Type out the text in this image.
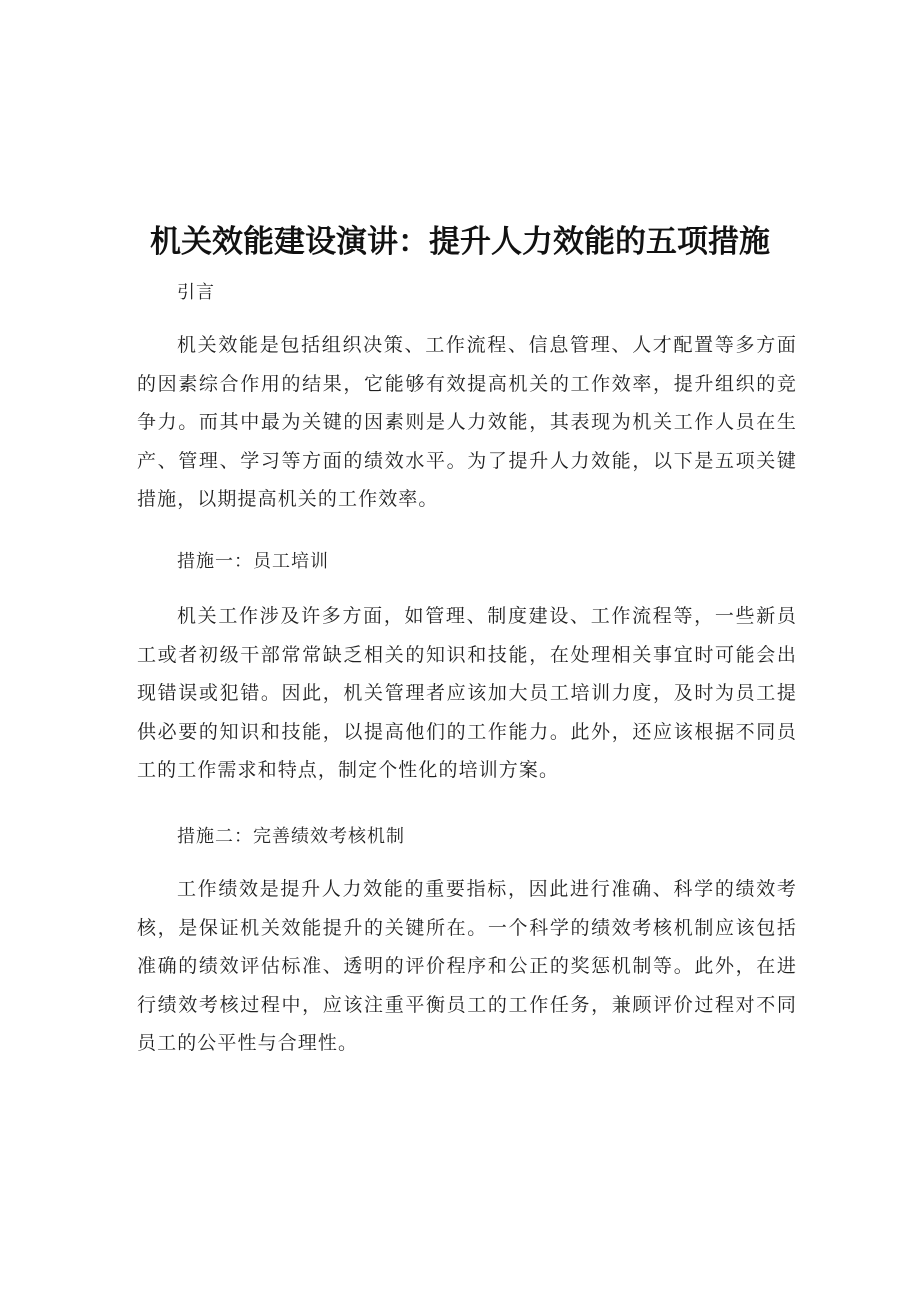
机关效能建设演讲：提升人力效能的五项措施
引言
机关效能是包括组织决策、工作流程、信息管理、人才配置等多方面的因素综合作用的结果，它能够有效提高机关的工作效率，提升组织的竞争力。而其中最为关键的因素则是人力效能，其表现为机关工作人员在生产、管理、学习等方面的绩效水平。为了提升人力效能，以下是五项关键措施，以期提高机关的工作效率。
措施一：员工培训
机关工作涉及许多方面，如管理、制度建设、工作流程等，一些新员工或者初级干部常常缺乏相关的知识和技能，在处理相关事宜时可能会出现错误或犯错。因此，机关管理者应该加大员工培训力度，及时为员工提供必要的知识和技能，以提高他们的工作能力。此外，还应该根据不同员工的工作需求和特点，制定个性化的培训方案。
措施二：完善绩效考核机制
工作绩效是提升人力效能的重要指标，因此进行准确、科学的绩效考核，是保证机关效能提升的关键所在。一个科学的绩效考核机制应该包括准确的绩效评估标准、透明的评价程序和公正的奖惩机制等。此外，在进行绩效考核过程中，应该注重平衡员工的工作任务，兼顾评价过程对不同员工的公平性与合理性。
